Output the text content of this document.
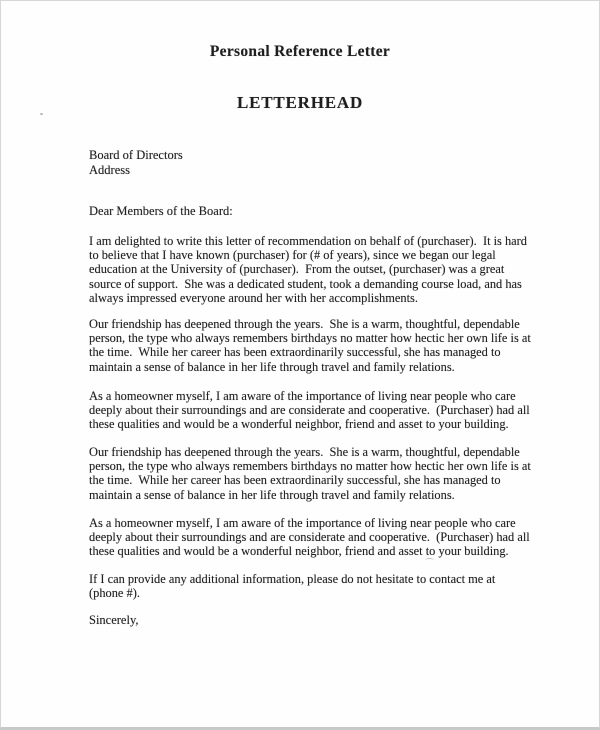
Personal Reference Letter
LETTERHEAD
Board of Directors
Address
Dear Members of the Board:
I am delighted to write this letter of recommendation on behalf of (purchaser).  It is hard
to believe that I have known (purchaser) for (# of years), since we began our legal
education at the University of (purchaser).  From the outset, (purchaser) was a great
source of support.  She was a dedicated student, took a demanding course load, and has
always impressed everyone around her with her accomplishments.
Our friendship has deepened through the years.  She is a warm, thoughtful, dependable
person, the type who always remembers birthdays no matter how hectic her own life is at
the time.  While her career has been extraordinarily successful, she has managed to
maintain a sense of balance in her life through travel and family relations.
As a homeowner myself, I am aware of the importance of living near people who care
deeply about their surroundings and are considerate and cooperative.  (Purchaser) had all
these qualities and would be a wonderful neighbor, friend and asset to your building.
Our friendship has deepened through the years.  She is a warm, thoughtful, dependable
person, the type who always remembers birthdays no matter how hectic her own life is at
the time.  While her career has been extraordinarily successful, she has managed to
maintain a sense of balance in her life through travel and family relations.
As a homeowner myself, I am aware of the importance of living near people who care
deeply about their surroundings and are considerate and cooperative.  (Purchaser) had all
these qualities and would be a wonderful neighbor, friend and asset to your building.
If I can provide any additional information, please do not hesitate to contact me at
(phone #).
Sincerely,
